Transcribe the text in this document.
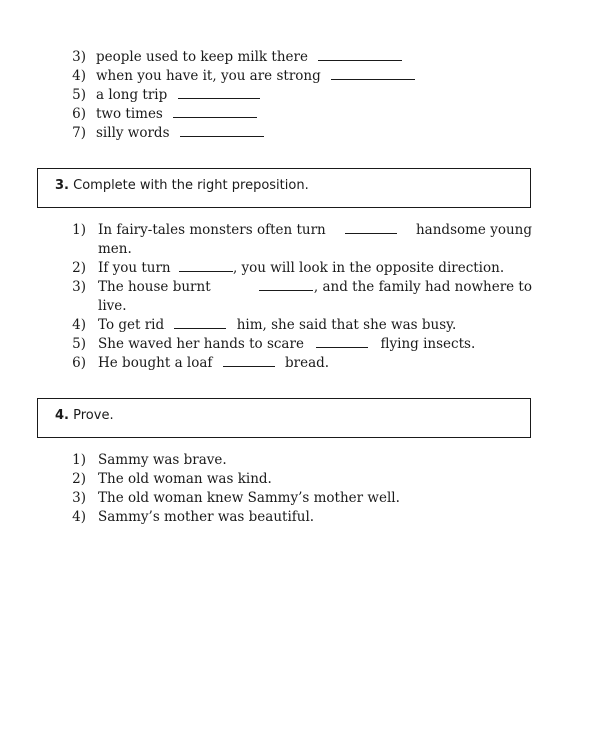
3) people used to keep milk there
4) when you have it, you are strong
5) a long trip
6) two times
7) silly words
3. Complete with the right preposition.
1) In fairy-tales monsters often turn	handsome young
men.
2) If you turn	, you will look in the opposite direction.
3) The house burnt	, and the family had nowhere to
live.
4) To get rid	him, she said that she was busy.
5) She waved her hands to scare	flying insects.
6) He bought a loaf	bread.
4. Prove.
1) Sammy was brave.
2) The old woman was kind.
3) The old woman knew Sammy’s mother well.
4) Sammy’s mother was beautiful.
